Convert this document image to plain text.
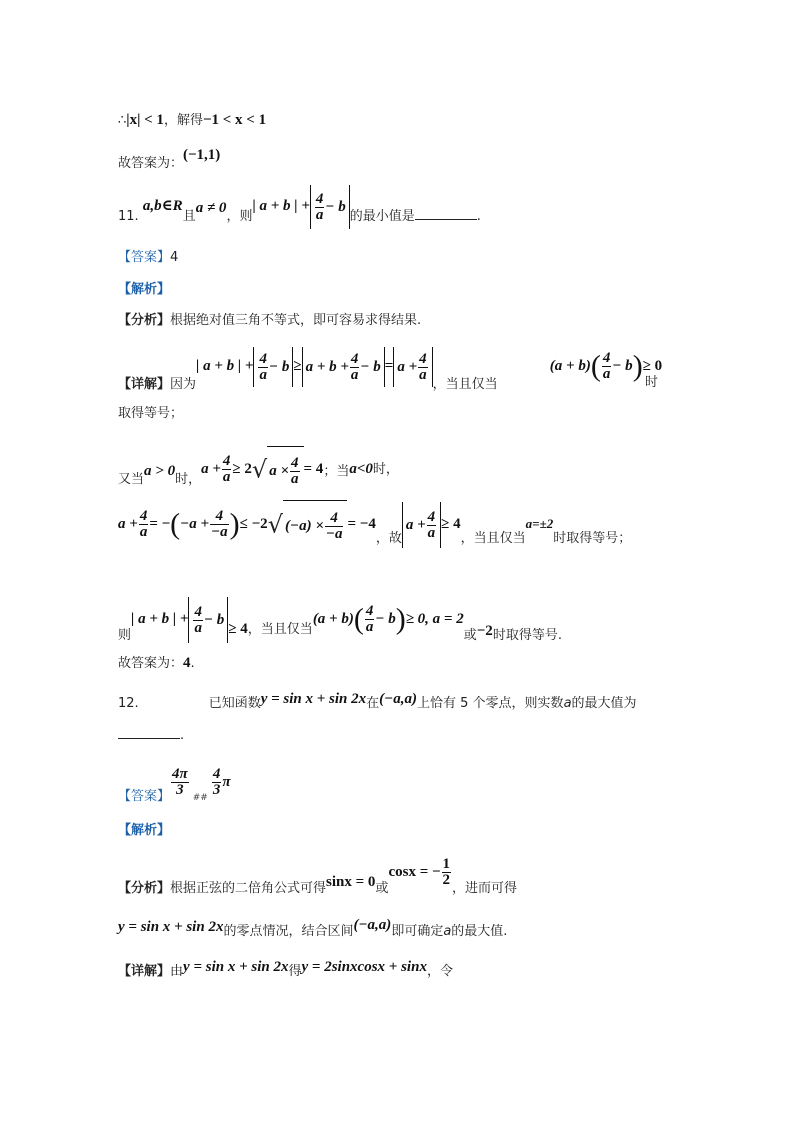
∴|x| < 1，解得−1 < x < 1
故答案为：(−1,1)
11. a,b∈R且a ≠ 0，则| a + b | + $\frac{4}{a} - b$的最小值是	.
【答案】4
【解析】
【分析】根据绝对值三角不等式，即可容易求得结果.
【详解】因为| a + b | + $\frac{4}{a} - b \ge a + b + \frac{4}{a} - b = a + \frac{4}{a}$
，当且仅当 $(a + b)( \frac{4}{a} - b)\ge 0$
时
取得等号；
又当a > 0时，$a + \frac{4}{a} \ge 2√$ $a \times \frac{4}{a} = 4$；当a<0时，
$a + \frac{4}{a} = -(-a + \frac{4}{-a}$ )≤ −2√ $(-a) \times \frac{4}{-a} = -4$，故$a + \frac{4}{a} \ge 4$，当且仅当a=±2时取得等号；
则| a + b | + $\frac{4}{a} - b\ge 4$，当且仅当$(a + b)( \frac{4}{a} - b)\ge 0$, a = 2或−2时取得等号.
故答案为：4.
12.	已知函数y = sin x + sin 2x在(−a,a)上恰有 5 个零点，则实数a的最大值为
.
【答案】 $\frac{4\pi}{3} _{\#\#} \frac{4}{3}$ π
【解析】
【分析】根据正弦的二倍角公式可得sinx = 0或cosx = − $\frac{1}{2}$
，进而可得
y = sin x + sin 2x的零点情况，结合区间(−a,a)即可确定a的最大值.
【详解】由y = sin x + sin 2x得y = 2sinxcosx + sinx，令
